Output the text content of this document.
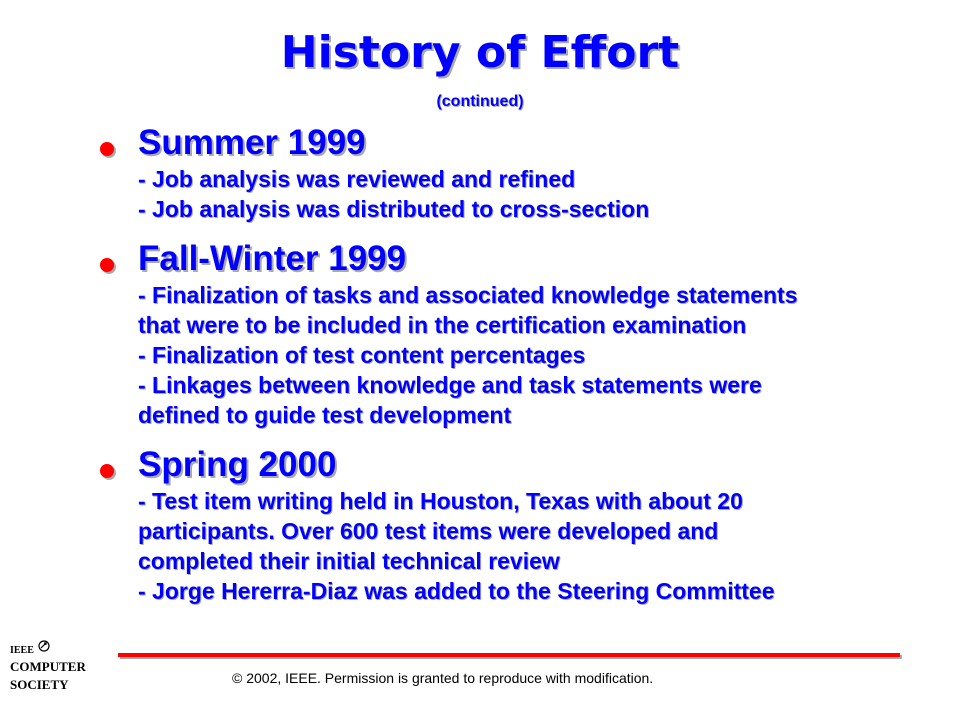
History of Effort
(continued)
Summer 1999
- Job analysis was reviewed and refined
- Job analysis was distributed to cross-section
Fall-Winter 1999
- Finalization of tasks and associated knowledge statements
that were to be included in the certification examination
- Finalization of test content percentages
- Linkages between knowledge and task statements were
defined to guide test development
Spring 2000
- Test item writing held in Houston, Texas with about 20
participants. Over 600 test items were developed and
completed their initial technical review
- Jorge Hererra-Diaz was added to the Steering Committee
IEEE
COMPUTER
SOCIETY	© 2002, IEEE. Permission is granted to reproduce with modification.
